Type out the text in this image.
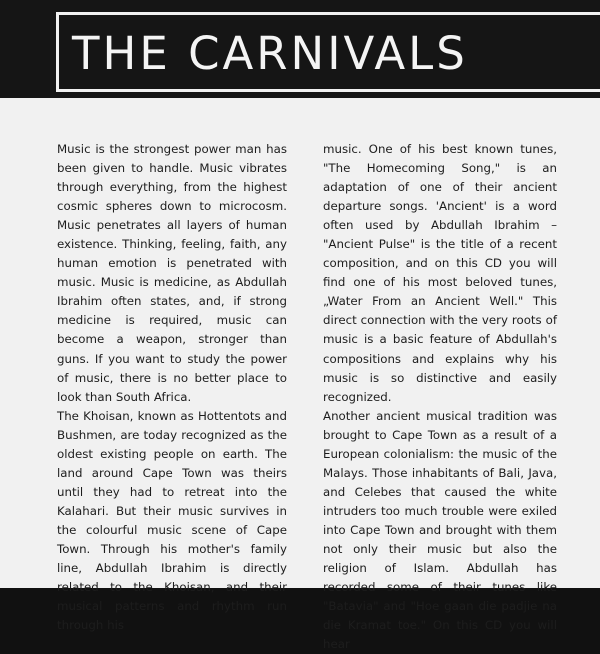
THE CARNIVALS

Music is the strongest power man has been given to handle. Music vibrates through everything, from the highest cosmic spheres down to microcosm. Music penetrates all layers of human existence. Thinking, feeling, faith, any human emotion is penetrated with music. Music is medicine, as Abdullah Ibrahim often states, and, if strong medicine is required, music can become a weapon, stronger than guns. If you want to study the power of music, there is no better place to look than South Africa.

The Khoisan, known as Hottentots and Bushmen, are today recognized as the oldest existing people on earth. The land around Cape Town was theirs until they had to retreat into the Kalahari. But their music survives in the colourful music scene of Cape Town. Through his mother's family line, Abdullah Ibrahim is directly related to the Khoisan, and their musical patterns and rhythm run through his

music. One of his best known tunes, "The Homecoming Song," is an adaptation of one of their ancient departure songs. 'Ancient' is a word often used by Abdullah Ibrahim – "Ancient Pulse" is the title of a recent composition, and on this CD you will find one of his most beloved tunes, „Water From an Ancient Well." This direct connection with the very roots of music is a basic feature of Abdullah's compositions and explains why his music is so distinctive and easily recognized.

Another ancient musical tradition was brought to Cape Town as a result of a European colonialism: the music of the Malays. Those inhabitants of Bali, Java, and Celebes that caused the white intruders too much trouble were exiled into Cape Town and brought with them not only their music but also the religion of Islam. Abdullah has recorded some of their tunes like "Batavia" and "Hoe gaan die padjie na die Kramat toe." On this CD you will hear
